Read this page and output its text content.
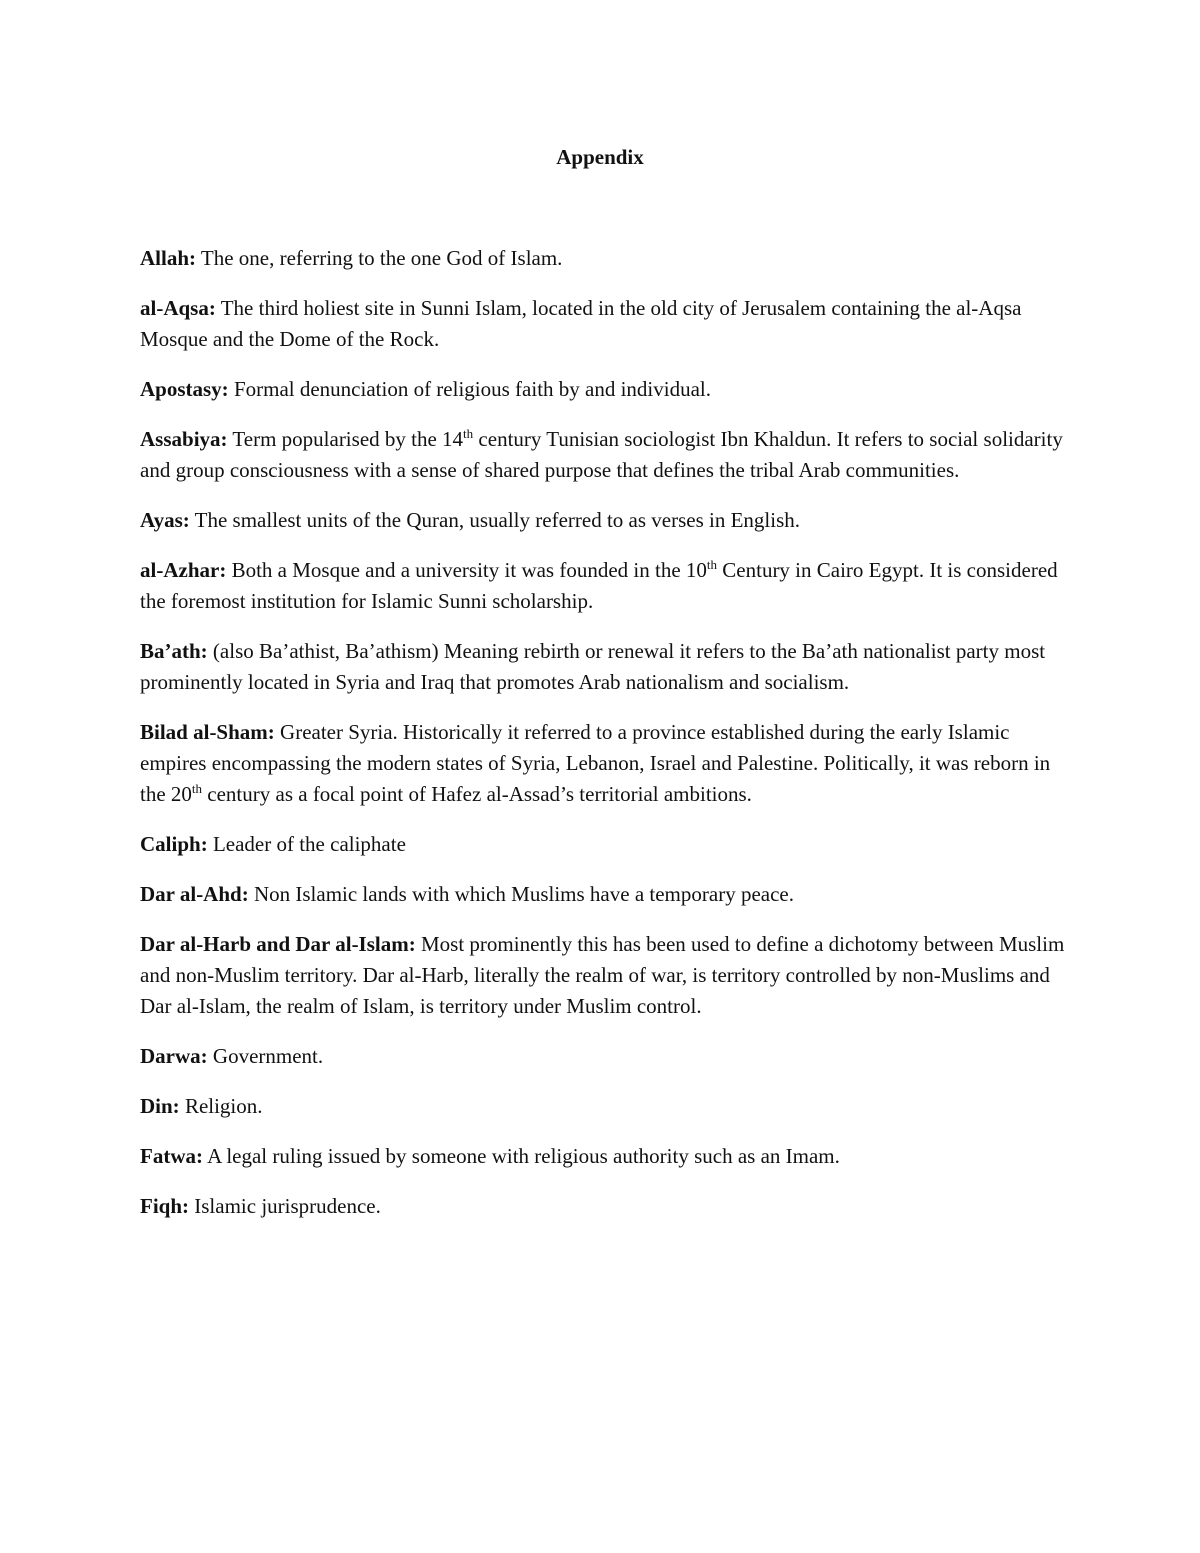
Appendix

Allah: The one, referring to the one God of Islam.

al-Aqsa: The third holiest site in Sunni Islam, located in the old city of Jerusalem containing the al-Aqsa Mosque and the Dome of the Rock.

Apostasy: Formal denunciation of religious faith by and individual.

Assabiya: Term popularised by the 14th century Tunisian sociologist Ibn Khaldun. It refers to social solidarity and group consciousness with a sense of shared purpose that defines the tribal Arab communities.

Ayas: The smallest units of the Quran, usually referred to as verses in English.

al-Azhar: Both a Mosque and a university it was founded in the 10th Century in Cairo Egypt. It is considered the foremost institution for Islamic Sunni scholarship.

Ba’ath: (also Ba’athist, Ba’athism) Meaning rebirth or renewal it refers to the Ba’ath nationalist party most prominently located in Syria and Iraq that promotes Arab nationalism and socialism.

Bilad al-Sham: Greater Syria. Historically it referred to a province established during the early Islamic empires encompassing the modern states of Syria, Lebanon, Israel and Palestine. Politically, it was reborn in the 20th century as a focal point of Hafez al-Assad’s territorial ambitions.

Caliph: Leader of the caliphate

Dar al-Ahd: Non Islamic lands with which Muslims have a temporary peace.

Dar al-Harb and Dar al-Islam: Most prominently this has been used to define a dichotomy between Muslim and non-Muslim territory. Dar al-Harb, literally the realm of war, is territory controlled by non-Muslims and Dar al-Islam, the realm of Islam, is territory under Muslim control.

Darwa: Government.

Din: Religion.

Fatwa: A legal ruling issued by someone with religious authority such as an Imam.

Fiqh: Islamic jurisprudence.
